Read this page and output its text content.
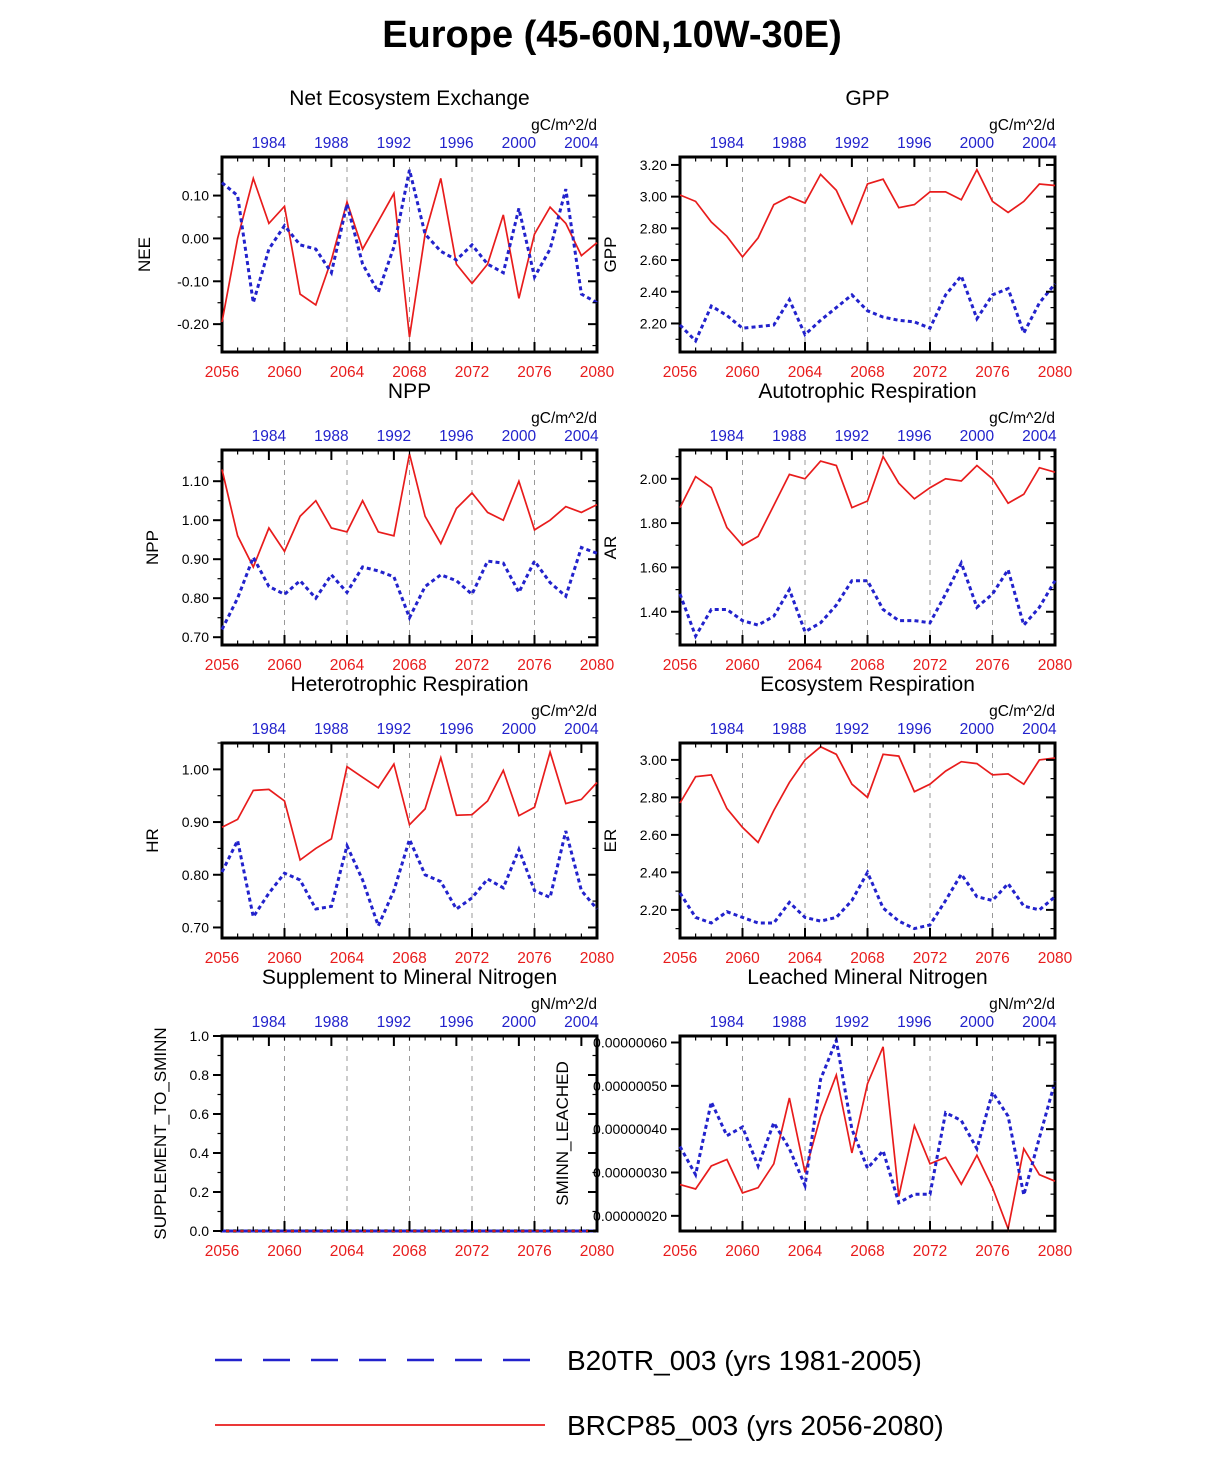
Europe (45-60N,10W-30E)
-0.20
-0.10
0.00
0.10
2056 2060 2064 2068 2072 2076 2080
1984 1988 1992 1996 2000 2004
Net Ecosystem Exchange
gC/m^2/d
NEE
2.20
2.40
2.60
2.80
3.00
3.20
2056 2060 2064 2068 2072 2076 2080
1984 1988 1992 1996 2000 2004
GPP
gC/m^2/d
GPP
0.70
0.80
0.90
1.00
1.10
2056 2060 2064 2068 2072 2076 2080
1984 1988 1992 1996 2000 2004
NPP
gC/m^2/d
NPP
1.40
1.60
1.80
2.00
2056 2060 2064 2068 2072 2076 2080
1984 1988 1992 1996 2000 2004
Autotrophic Respiration
gC/m^2/d
AR
0.70
0.80
0.90
1.00
2056 2060 2064 2068 2072 2076 2080
1984 1988 1992 1996 2000 2004
Heterotrophic Respiration
gC/m^2/d
HR
2.20
2.40
2.60
2.80
3.00
2056 2060 2064 2068 2072 2076 2080
1984 1988 1992 1996 2000 2004
Ecosystem Respiration
gC/m^2/d
ER
0.0
0.2
0.4
0.6
0.8
1.0
2056 2060 2064 2068 2072 2076 2080
1984 1988 1992 1996 2000 2004
Supplement to Mineral Nitrogen
gN/m^2/d
SUPPLEMENT_TO_SMINN	0.00000020
0.00000030
0.00000040
0.00000050
0.00000060
2056 2060 2064 2068 2072 2076 2080
1984 1988 1992 1996 2000 2004
Leached Mineral Nitrogen
gN/m^2/d
SMINN_LEACHED
B20TR_003 (yrs 1981-2005)
BRCP85_003 (yrs 2056-2080)
